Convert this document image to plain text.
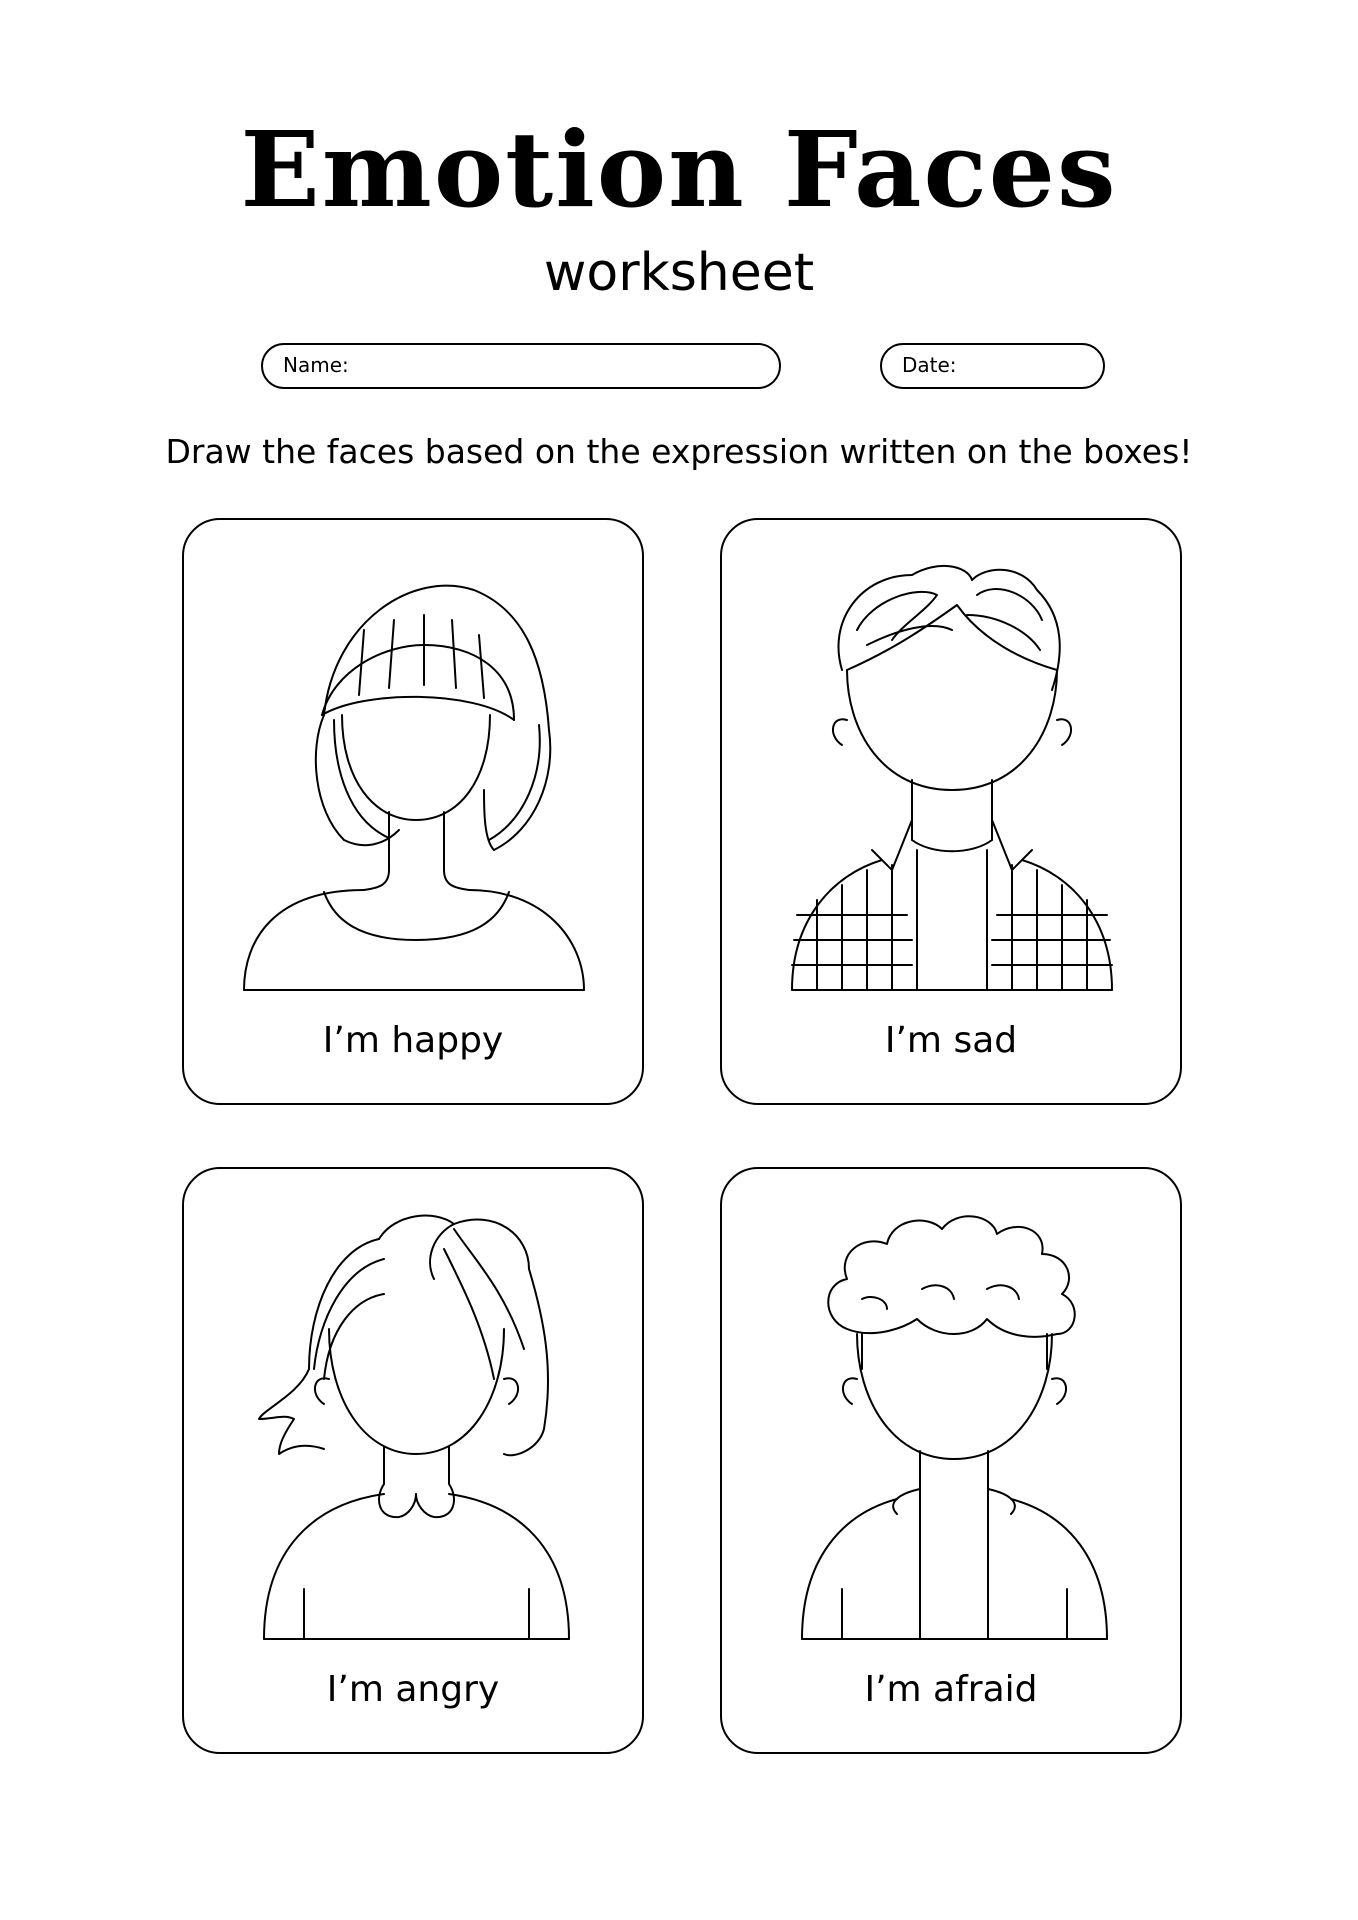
Emotion Faces
worksheet
Name:	Date:
Draw the faces based on the expression written on the boxes!
I’m happy	I’m sad
I’m angry	I’m afraid
